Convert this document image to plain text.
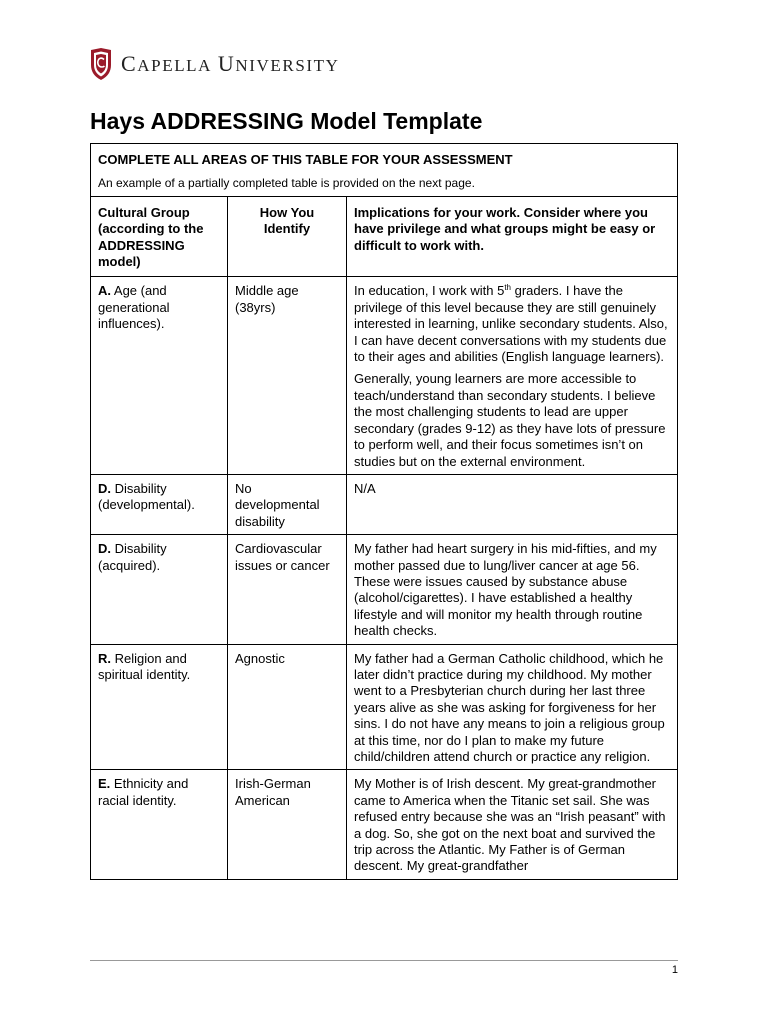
CAPELLA UNIVERSITY
Hays ADDRESSING Model Template
COMPLETE ALL AREAS OF THIS TABLE FOR YOUR ASSESSMENT
An example of a partially completed table is provided on the next page.		

Cultural Group (according to the ADDRESSING model)	How You Identify	Implications for your work. Consider where you have privilege and what groups might be easy or difficult to work with.
A. Age (and generational influences).	Middle age (38yrs)	In education, I work with 5th graders. I have the privilege of this level because they are still genuinely interested in learning, unlike secondary students. Also, I can have decent conversations with my students due to their ages and abilities (English language learners).
Generally, young learners are more accessible to teach/understand than secondary students. I believe the most challenging students to lead are upper secondary (grades 9-12) as they have lots of pressure to perform well, and their focus sometimes isn’t on studies but on the external environment.

D. Disability (developmental).	No developmental disability	N/A
D. Disability (acquired).	Cardiovascular issues or cancer	My father had heart surgery in his mid-fifties, and my mother passed due to lung/liver cancer at age 56. These were issues caused by substance abuse (alcohol/cigarettes). I have established a healthy lifestyle and will monitor my health through routine health checks.
R. Religion and spiritual identity.	Agnostic	My father had a German Catholic childhood, which he later didn’t practice during my childhood. My mother went to a Presbyterian church during her last three years alive as she was asking for forgiveness for her sins. I do not have any means to join a religious group at this time, nor do I plan to make my future child/children attend church or practice any religion.
E. Ethnicity and racial identity.	Irish-German American	My Mother is of Irish descent. My great-grandmother came to America when the Titanic set sail. She was refused entry because she was an “Irish peasant” with a dog. So, she got on the next boat and survived the trip across the Atlantic. My Father is of German descent. My great-grandfather
1
